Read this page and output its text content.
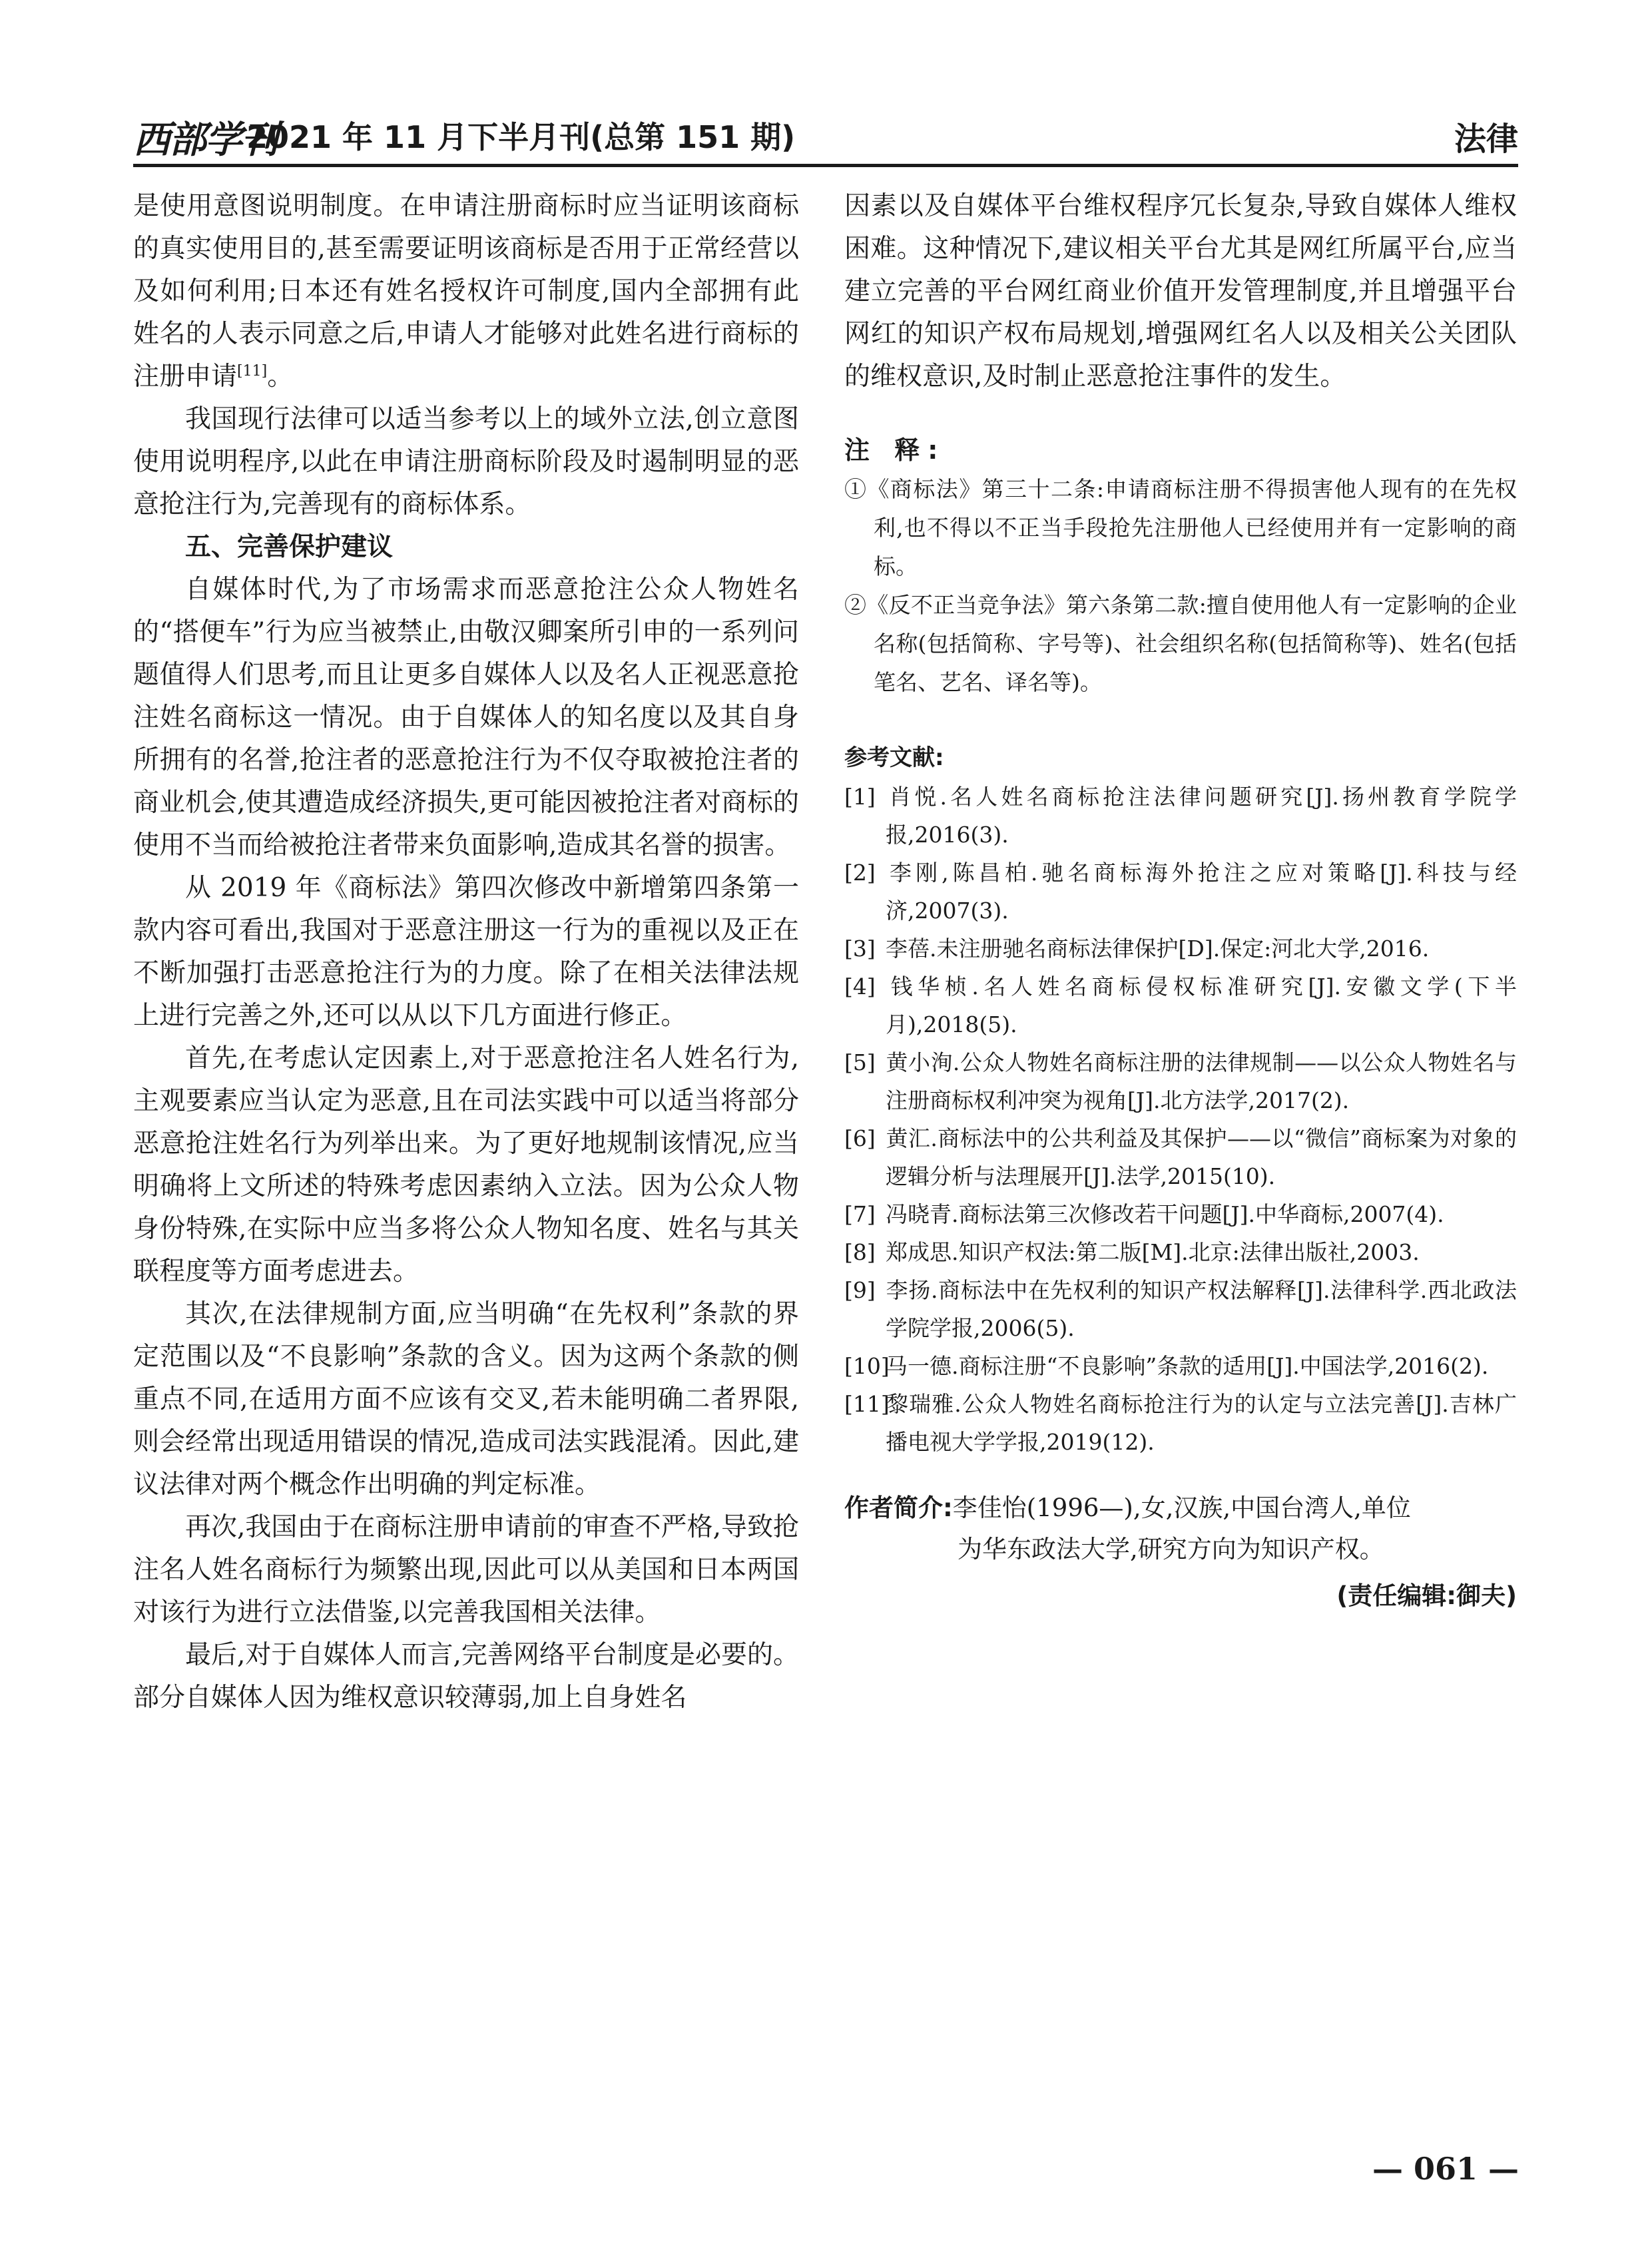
西部学刊
2021 年 11 月下半月刊(总第 151 期)	法律

是使用意图说明制度。在申请注册商标时应当证明该商标的真实使用目的,甚至需要证明该商标是否用于正常经营以及如何利用;日本还有姓名授权许可制度,国内全部拥有此姓名的人表示同意之后,申请人才能够对此姓名进行商标的注册申请[11]。

我国现行法律可以适当参考以上的域外立法,创立意图使用说明程序,以此在申请注册商标阶段及时遏制明显的恶意抢注行为,完善现有的商标体系。

五、完善保护建议

自媒体时代,为了市场需求而恶意抢注公众人物姓名的“搭便车”行为应当被禁止,由敬汉卿案所引申的一系列问题值得人们思考,而且让更多自媒体人以及名人正视恶意抢注姓名商标这一情况。由于自媒体人的知名度以及其自身所拥有的名誉,抢注者的恶意抢注行为不仅夺取被抢注者的商业机会,使其遭造成经济损失,更可能因被抢注者对商标的使用不当而给被抢注者带来负面影响,造成其名誉的损害。

从 2019 年《商标法》第四次修改中新增第四条第一款内容可看出,我国对于恶意注册这一行为的重视以及正在不断加强打击恶意抢注行为的力度。除了在相关法律法规上进行完善之外,还可以从以下几方面进行修正。

首先,在考虑认定因素上,对于恶意抢注名人姓名行为,主观要素应当认定为恶意,且在司法实践中可以适当将部分恶意抢注姓名行为列举出来。为了更好地规制该情况,应当明确将上文所述的特殊考虑因素纳入立法。因为公众人物身份特殊,在实际中应当多将公众人物知名度、姓名与其关联程度等方面考虑进去。

其次,在法律规制方面,应当明确“在先权利”条款的界定范围以及“不良影响”条款的含义。因为这两个条款的侧重点不同,在适用方面不应该有交叉,若未能明确二者界限,则会经常出现适用错误的情况,造成司法实践混淆。因此,建议法律对两个概念作出明确的判定标准。

再次,我国由于在商标注册申请前的审查不严格,导致抢注名人姓名商标行为频繁出现,因此可以从美国和日本两国对该行为进行立法借鉴,以完善我国相关法律。

最后,对于自媒体人而言,完善网络平台制度是必要的。部分自媒体人因为维权意识较薄弱,加上自身姓名

因素以及自媒体平台维权程序冗长复杂,导致自媒体人维权困难。这种情况下,建议相关平台尤其是网红所属平台,应当建立完善的平台网红商业价值开发管理制度,并且增强平台网红的知识产权布局规划,增强网红名人以及相关公关团队的维权意识,及时制止恶意抢注事件的发生。

注 释:

①《商标法》第三十二条:申请商标注册不得损害他人现有的在先权利,也不得以不正当手段抢先注册他人已经使用并有一定影响的商标。

②《反不正当竞争法》第六条第二款:擅自使用他人有一定影响的企业名称(包括简称、字号等)、社会组织名称(包括简称等)、姓名(包括笔名、艺名、译名等)。

参考文献:

[1] 肖悦.名人姓名商标抢注法律问题研究[J].扬州教育学院学报,2016(3).

[2] 李刚,陈昌柏.驰名商标海外抢注之应对策略[J].科技与经济,2007(3).

[3] 李蓓.未注册驰名商标法律保护[D].保定:河北大学,2016.

[4] 钱华桢.名人姓名商标侵权标准研究[J].安徽文学(下半月),2018(5).

[5] 黄小洵.公众人物姓名商标注册的法律规制——以公众人物姓名与注册商标权利冲突为视角[J].北方法学,2017(2).

[6] 黄汇.商标法中的公共利益及其保护——以“微信”商标案为对象的逻辑分析与法理展开[J].法学,2015(10).

[7] 冯晓青.商标法第三次修改若干问题[J].中华商标,2007(4).

[8] 郑成思.知识产权法:第二版[M].北京:法律出版社,2003.

[9] 李扬.商标法中在先权利的知识产权法解释[J].法律科学.西北政法学院学报,2006(5).

[10]马一德.商标注册“不良影响”条款的适用[J].中国法学,2016(2).

[11]黎瑞雅.公众人物姓名商标抢注行为的认定与立法完善[J].吉林广播电视大学学报,2019(12).

作者简介:李佳怡(1996—),女,汉族,中国台湾人,单位
为华东政法大学,研究方向为知识产权。
(责任编辑:御夫)
— 061 —
